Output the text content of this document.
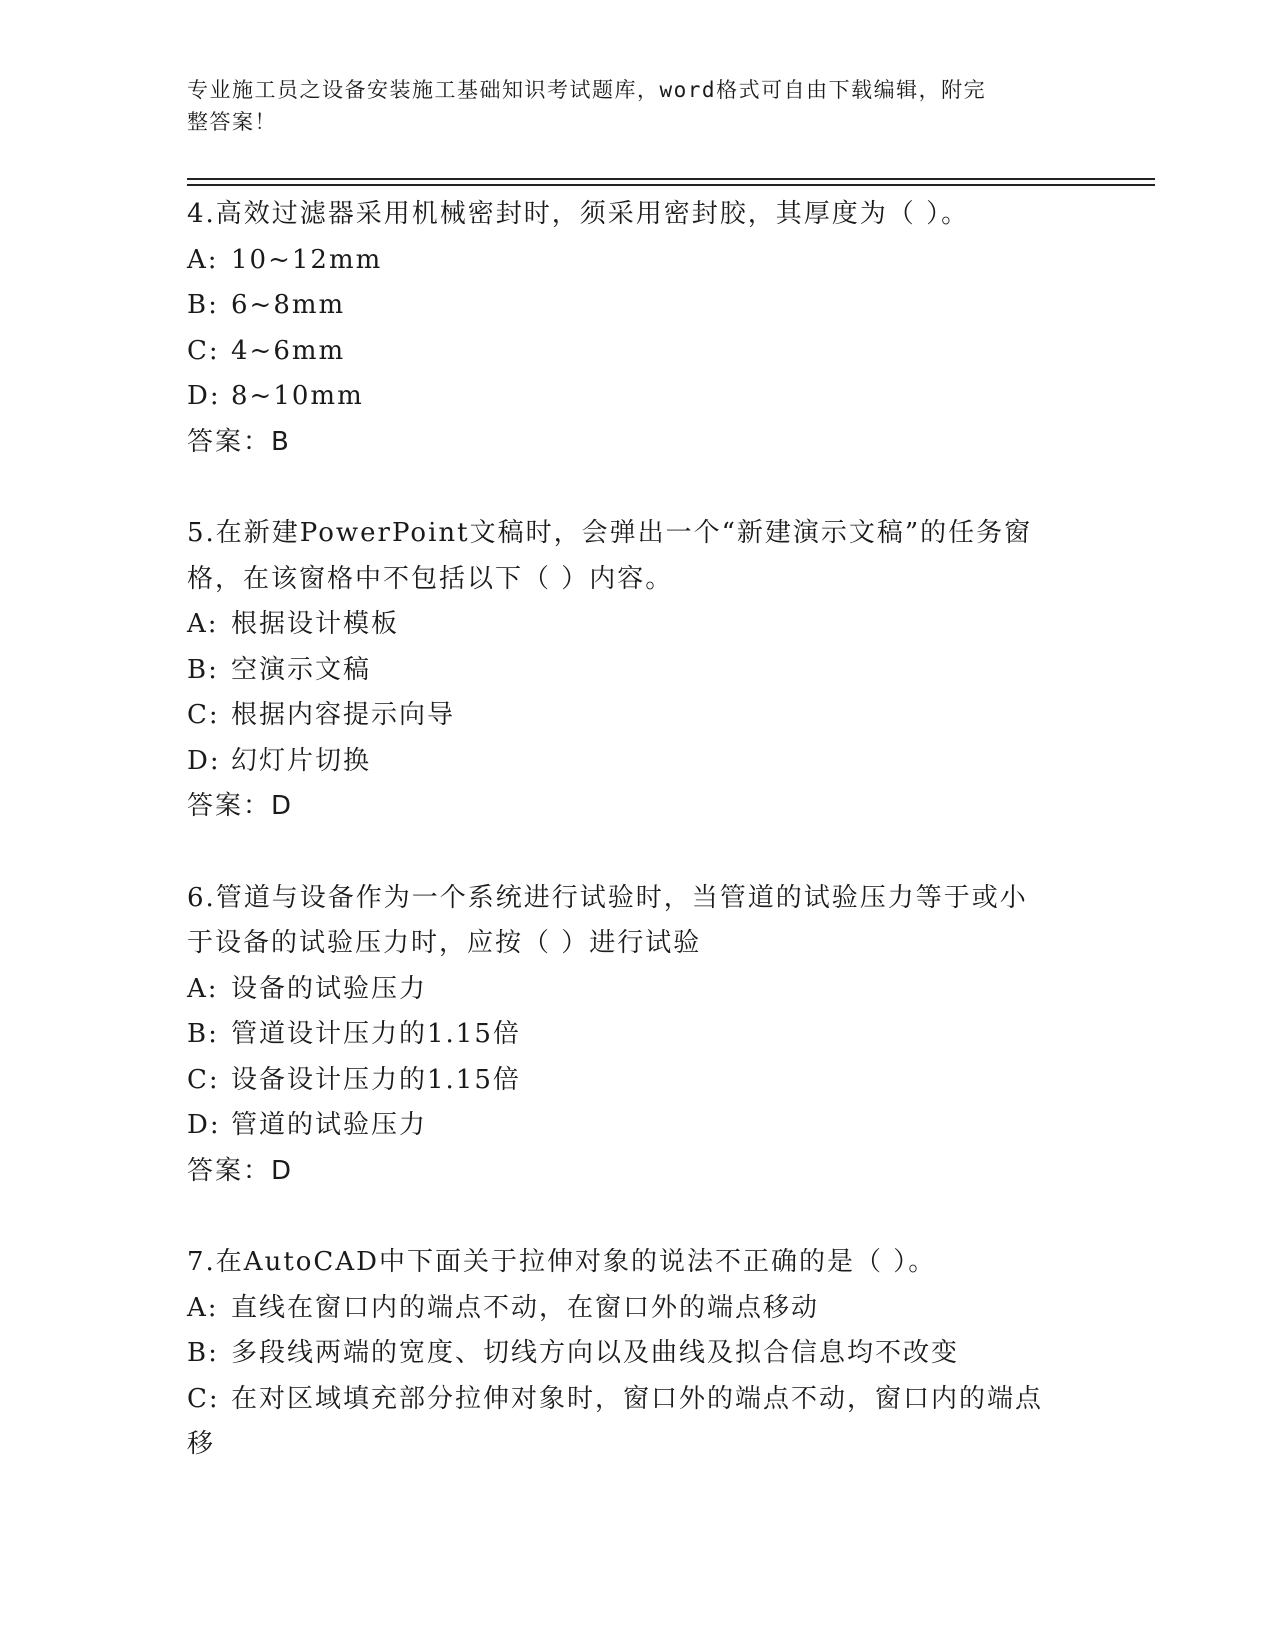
专业施工员之设备安装施工基础知识考试题库，word格式可自由下载编辑，附完
整答案！
4.高效过滤器采用机械密封时，须采用密封胶，其厚度为（ ）。
A: 10~12mm
B: 6~8mm
C: 4~6mm
D: 8~10mm
答案：B
5.在新建PowerPoint文稿时，会弹出一个“新建演示文稿”的任务窗
格，在该窗格中不包括以下（ ）内容。
A: 根据设计模板
B: 空演示文稿
C: 根据内容提示向导
D: 幻灯片切换
答案：D
6.管道与设备作为一个系统进行试验时，当管道的试验压力等于或小
于设备的试验压力时，应按（ ）进行试验
A: 设备的试验压力
B: 管道设计压力的1.15倍
C: 设备设计压力的1.15倍
D: 管道的试验压力
答案：D
7.在AutoCAD中下面关于拉伸对象的说法不正确的是（ ）。
A: 直线在窗口内的端点不动，在窗口外的端点移动
B: 多段线两端的宽度、切线方向以及曲线及拟合信息均不改变
C: 在对区域填充部分拉伸对象时，窗口外的端点不动，窗口内的端点
移
